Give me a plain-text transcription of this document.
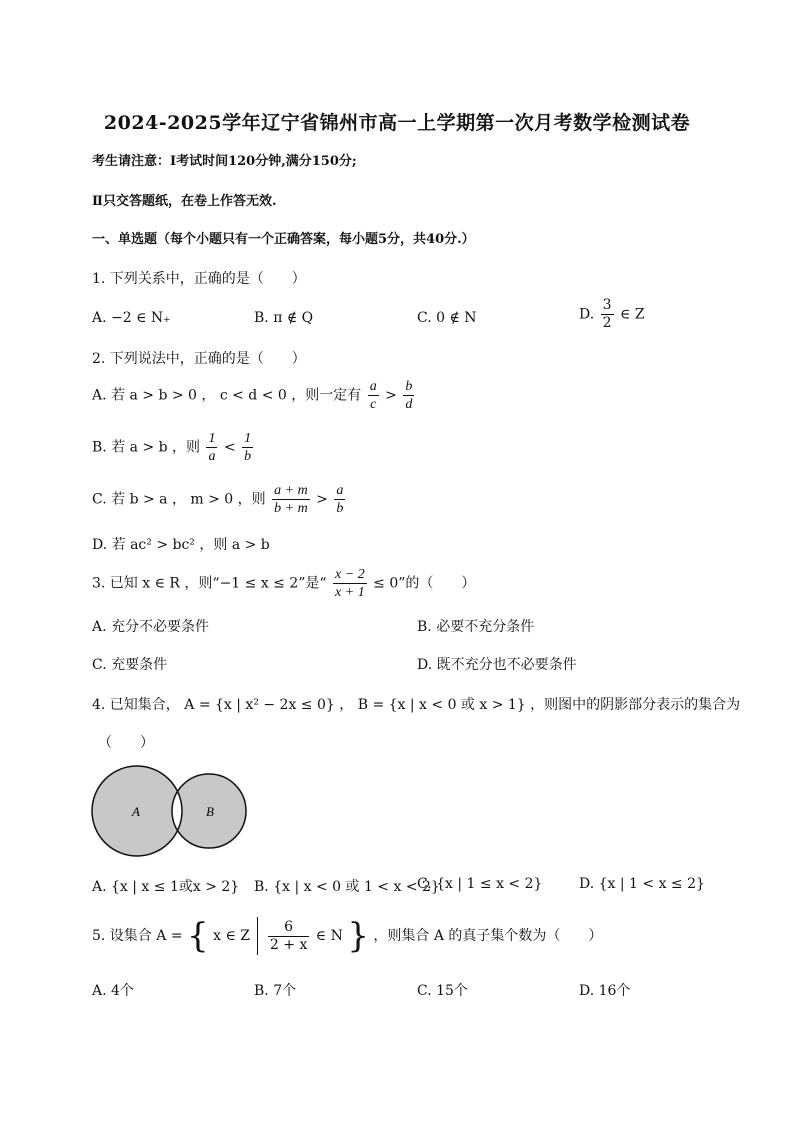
2024-2025学年辽宁省锦州市高一上学期第一次月考数学检测试卷
考生请注意：I考试时间120分钟,满分150分;
Ⅱ只交答题纸，在卷上作答无效.
一、单选题（每个小题只有一个正确答案，每小题5分，共40分.）
1. 下列关系中，正确的是（　　）
A. −2 ∈ N₊	B. π ∉ Q	C. 0 ∉ N	D. $\frac{3}{2}$ ∈ Z
2. 下列说法中，正确的是（　　）
A. 若 a > b > 0 ， c < d < 0 ，则一定有 $\frac{a}{c} > \frac{b}{d}$
B. 若 a > b ，则 $\frac{1}{a} < \frac{1}{b}$
C. 若 b > a ， m > 0 ，则 $\frac{a + m}{b + m} > \frac{a}{b}$
D. 若 ac² > bc² ，则 a > b
3. 已知 x ∈ R ，则“−1 ≤ x ≤ 2”是“ $\frac{x - 2}{x + 1} \le 0$”的（　　）
A. 充分不必要条件	B. 必要不充分条件
C. 充要条件	D. 既不充分也不必要条件
4. 已知集合， A = {x | x² − 2x ≤ 0} ， B = {x | x < 0 或 x > 1} ，则图中的阴影部分表示的集合为
（　　）
A	B
A. {x | x ≤ 1或x > 2} B. {x | x < 0 或 1 < x < 2}
C. {x | 1 ≤ x < 2}	D. {x | 1 < x ≤ 2}
5. 设集合 A = { x ∈ Z $\frac{6}{2 + x}$ ∈ N } ，则集合 A 的真子集个数为（　　）
A. 4个	B. 7个	C. 15个	D. 16个
